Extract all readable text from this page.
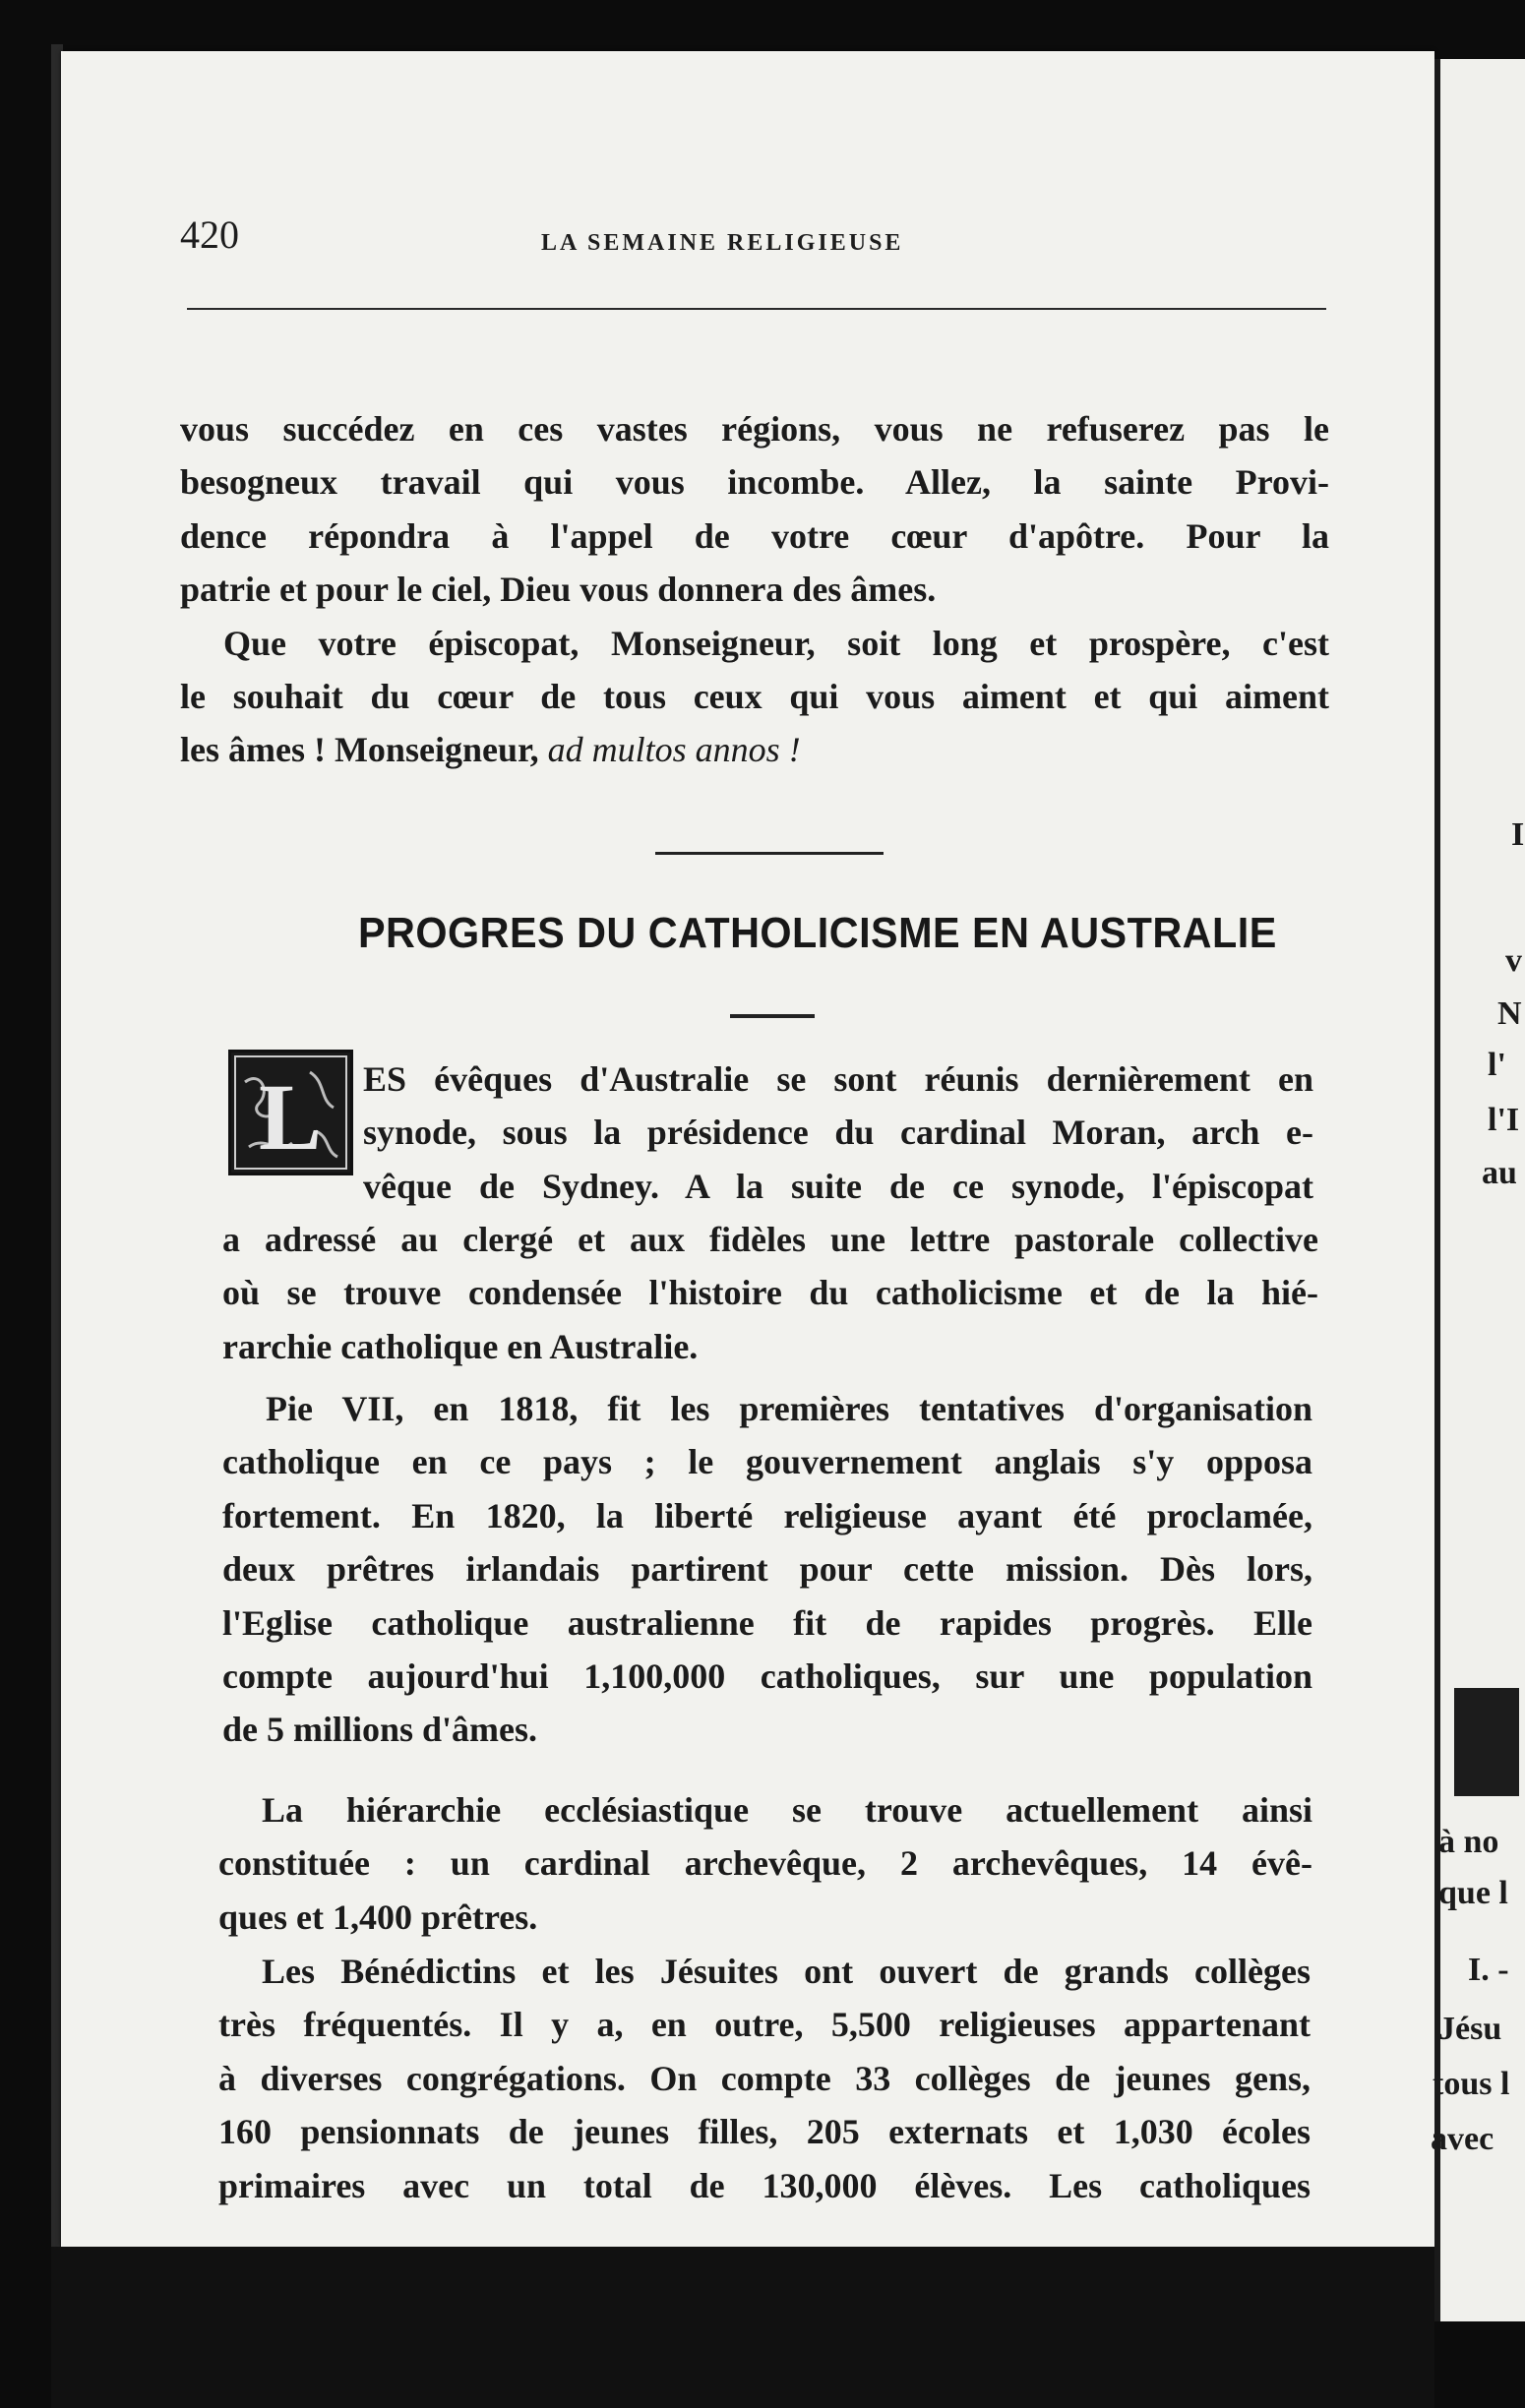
420	LA SEMAINE RELIGIEUSE
vous succédez en ces vastes régions, vous ne refuserez pas le
besogneux travail qui vous incombe. Allez, la sainte Provi-
dence répondra à l'appel de votre cœur d'apôtre. Pour la
patrie et pour le ciel, Dieu vous donnera des âmes.
Que votre épiscopat, Monseigneur, soit long et prospère, c'est
le souhait du cœur de tous ceux qui vous aiment et qui aiment
les âmes ! Monseigneur, ad multos annos !
PROGRES DU CATHOLICISME EN AUSTRALIE
L ES évêques d'Australie se sont réunis dernièrement en
synode, sous la présidence du cardinal Moran, arch e-
vêque de Sydney. A la suite de ce synode, l'épiscopat
a adressé au clergé et aux fidèles une lettre pastorale collective
où se trouve condensée l'histoire du catholicisme et de la hié-
rarchie catholique en Australie.
Pie VII, en 1818, fit les premières tentatives d'organisation
catholique en ce pays ; le gouvernement anglais s'y opposa
fortement. En 1820, la liberté religieuse ayant été proclamée,
deux prêtres irlandais partirent pour cette mission. Dès lors,
l'Eglise catholique australienne fit de rapides progrès. Elle
compte aujourd'hui 1,100,000 catholiques, sur une population
de 5 millions d'âmes.
La hiérarchie ecclésiastique se trouve actuellement ainsi
constituée : un cardinal archevêque, 2 archevêques, 14 évê-
ques et 1,400 prêtres.
Les Bénédictins et les Jésuites ont ouvert de grands collèges
très fréquentés. Il y a, en outre, 5,500 religieuses appartenant
à diverses congrégations. On compte 33 collèges de jeunes gens,
160 pensionnats de jeunes filles, 205 externats et 1,030 écoles
primaires avec un total de 130,000 élèves. Les catholiques
I
v
N
l'
l'I
au
à no
que l
I. -
Jésu
tous l
avec
